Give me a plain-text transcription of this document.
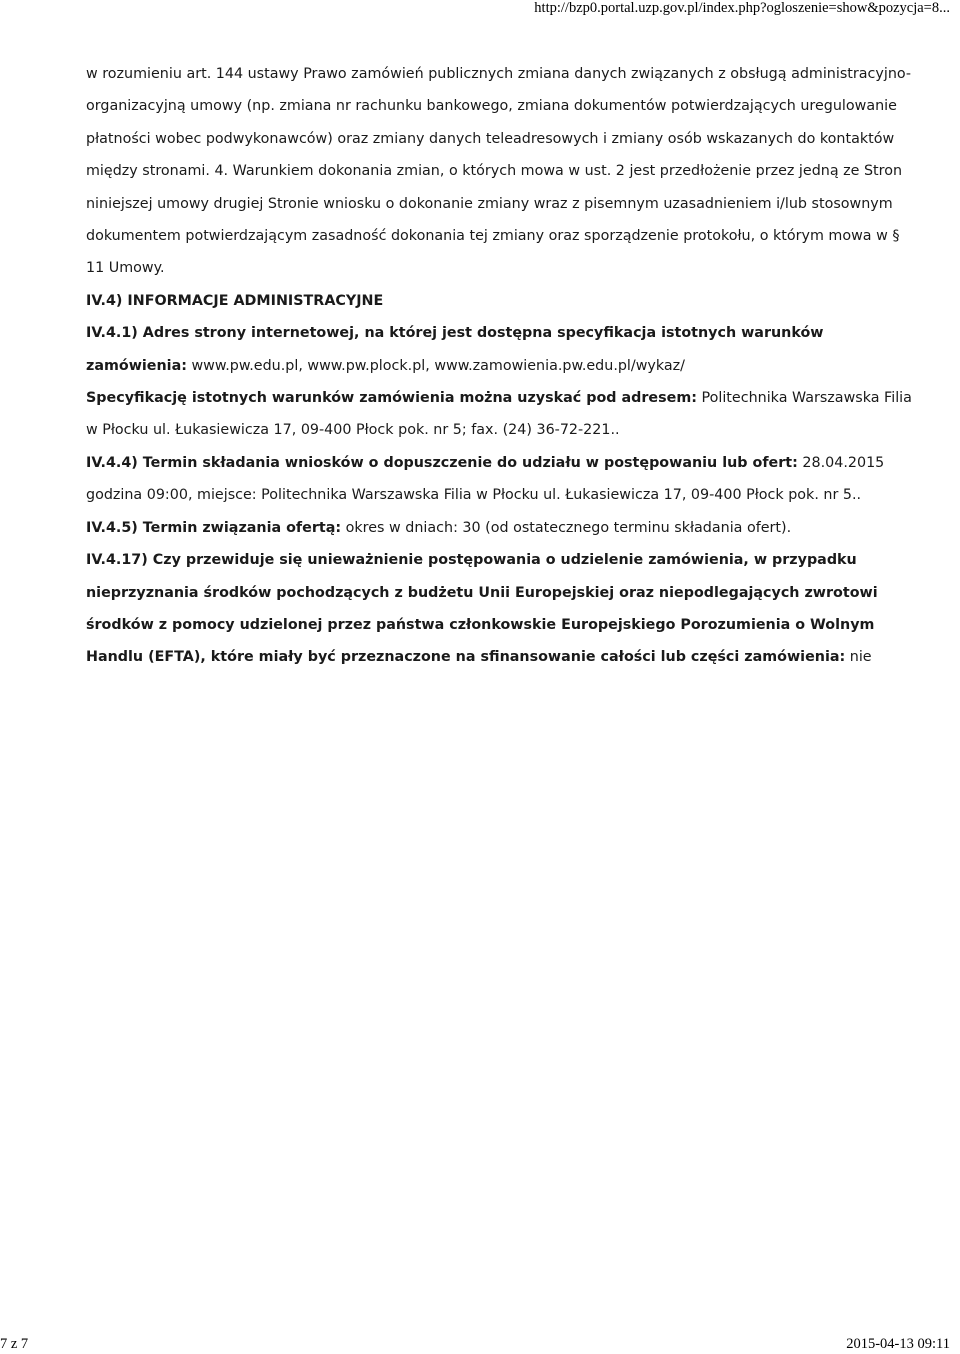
http://bzp0.portal.uzp.gov.pl/index.php?ogloszenie=show&pozycja=8...

w rozumieniu art. 144 ustawy Prawo zamówień publicznych zmiana danych związanych z obsługą administracyjno-organizacyjną umowy (np. zmiana nr rachunku bankowego, zmiana dokumentów potwierdzających uregulowanie płatności wobec podwykonawców) oraz zmiany danych teleadresowych i zmiany osób wskazanych do kontaktów między stronami. 4. Warunkiem dokonania zmian, o których mowa w ust. 2 jest przedłożenie przez jedną ze Stron niniejszej umowy drugiej Stronie wniosku o dokonanie zmiany wraz z pisemnym uzasadnieniem i/lub stosownym dokumentem potwierdzającym zasadność dokonania tej zmiany oraz sporządzenie protokołu, o którym mowa w § 11 Umowy.

IV.4) INFORMACJE ADMINISTRACYJNE

IV.4.1) Adres strony internetowej, na której jest dostępna specyfikacja istotnych warunków zamówienia: www.pw.edu.pl, www.pw.plock.pl, www.zamowienia.pw.edu.pl/wykaz/

Specyfikację istotnych warunków zamówienia można uzyskać pod adresem: Politechnika Warszawska Filia w Płocku ul. Łukasiewicza 17, 09-400 Płock pok. nr 5; fax. (24) 36-72-221..

IV.4.4) Termin składania wniosków o dopuszczenie do udziału w postępowaniu lub ofert: 28.04.2015 godzina 09:00, miejsce: Politechnika Warszawska Filia w Płocku ul. Łukasiewicza 17, 09-400 Płock pok. nr 5..

IV.4.5) Termin związania ofertą: okres w dniach: 30 (od ostatecznego terminu składania ofert).

IV.4.17) Czy przewiduje się unieważnienie postępowania o udzielenie zamówienia, w przypadku nieprzyznania środków pochodzących z budżetu Unii Europejskiej oraz niepodlegających zwrotowi środków z pomocy udzielonej przez państwa członkowskie Europejskiego Porozumienia o Wolnym Handlu (EFTA), które miały być przeznaczone na sfinansowanie całości lub części zamówienia: nie

7 z 7	2015-04-13 09:11
